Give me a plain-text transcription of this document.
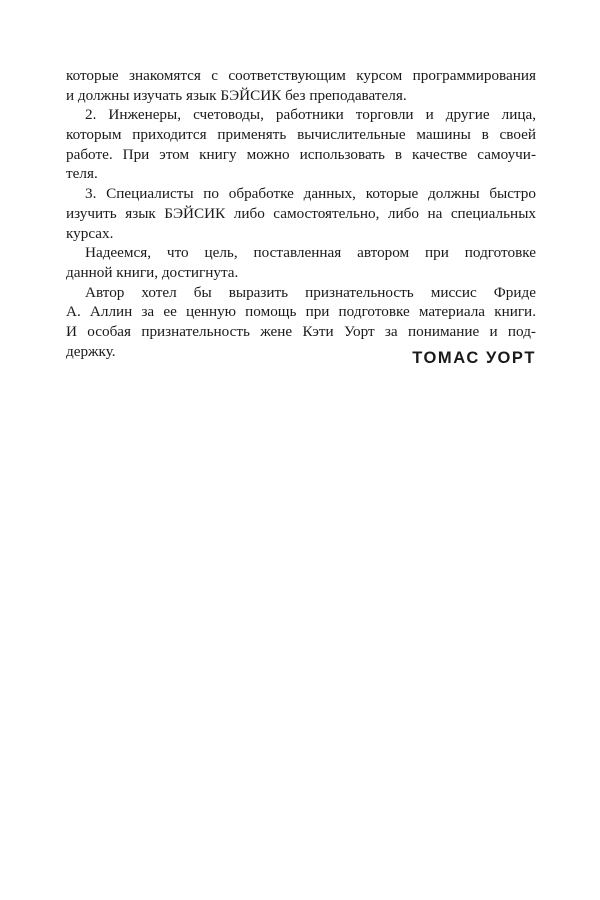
которые знакомятся с соответствующим курсом программирования
и должны изучать язык БЭЙСИК без преподавателя.
2. Инженеры, счетоводы, работники торговли и другие лица,
которым приходится применять вычислительные машины в своей
работе. При этом книгу можно использовать в качестве самоучи-
теля.
3. Специалисты по обработке данных, которые должны быстро
изучить язык БЭЙСИК либо самостоятельно, либо на специальных
курсах.
Надеемся, что цель, поставленная автором при подготовке
данной книги, достигнута.
Автор хотел бы выразить признательность миссис Фриде
А. Аллин за ее ценную помощь при подготовке материала книги.
И особая признательность жене Кэти Уорт за понимание и под-
держку.	ТОМАС УОРТ
